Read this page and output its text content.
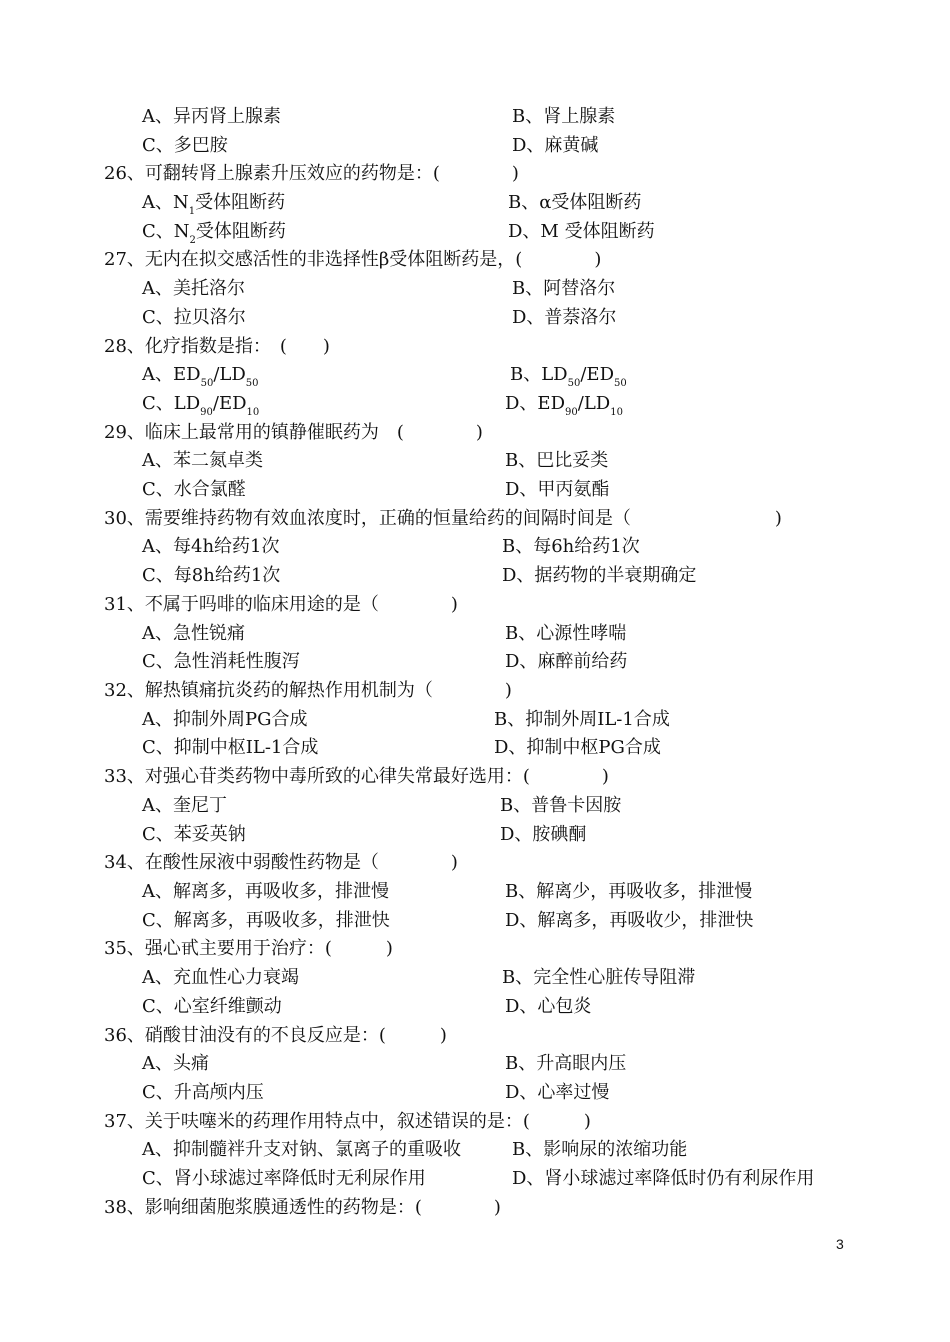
A、异丙肾上腺素	B、肾上腺素
C、多巴胺	D、麻黄碱
26、可翻转肾上腺素升压效应的药物是：(　　　　)
A、$N_1$受体阻断药	B、α受体阻断药
C、$N_2$受体阻断药	D、M 受体阻断药
27、无内在拟交感活性的非选择性β受体阻断药是，(　　　　)
A、美托洛尔	B、阿替洛尔
C、拉贝洛尔	D、普萘洛尔
28、化疗指数是指：　(　　)
A、$ED_{50}/LD_{50}$	B、$LD_{50}/ED_{50}$
C、$LD_{90}/ED_{10}$	D、$ED_{90}/LD_{10}$
29、临床上最常用的镇静催眠药为　(　　　　)
A、苯二氮卓类	B、巴比妥类
C、水合氯醛	D、甲丙氨酯
30、需要维持药物有效血浓度时，正确的恒量给药的间隔时间是（　　　　　　　　)
A、每4h给药1次	B、每6h给药1次
C、每8h给药1次	D、据药物的半衰期确定
31、不属于吗啡的临床用途的是（　　　　)
A、急性锐痛	B、心源性哮喘
C、急性消耗性腹泻	D、麻醉前给药
32、解热镇痛抗炎药的解热作用机制为（　　　　)
A、抑制外周PG合成	B、抑制外周IL-1合成
C、抑制中枢IL-1合成	D、抑制中枢PG合成
33、对强心苷类药物中毒所致的心律失常最好选用：(　　　　)
A、奎尼丁	B、普鲁卡因胺
C、苯妥英钠	D、胺碘酮
34、在酸性尿液中弱酸性药物是（　　　　)
A、解离多，再吸收多，排泄慢	B、解离少，再吸收多，排泄慢
C、解离多，再吸收多，排泄快	D、解离多，再吸收少，排泄快
35、强心甙主要用于治疗：(　　　)
A、充血性心力衰竭	B、完全性心脏传导阻滞
C、心室纤维颤动	D、心包炎
36、硝酸甘油没有的不良反应是：(　　　)
A、头痛	B、升高眼内压
C、升高颅内压	D、心率过慢
37、关于呋噻米的药理作用特点中，叙述错误的是：(　　　)
A、抑制髓袢升支对钠、氯离子的重吸收	B、影响尿的浓缩功能
C、肾小球滤过率降低时无利尿作用	D、肾小球滤过率降低时仍有利尿作用
38、影响细菌胞浆膜通透性的药物是：(　　　　)
3
